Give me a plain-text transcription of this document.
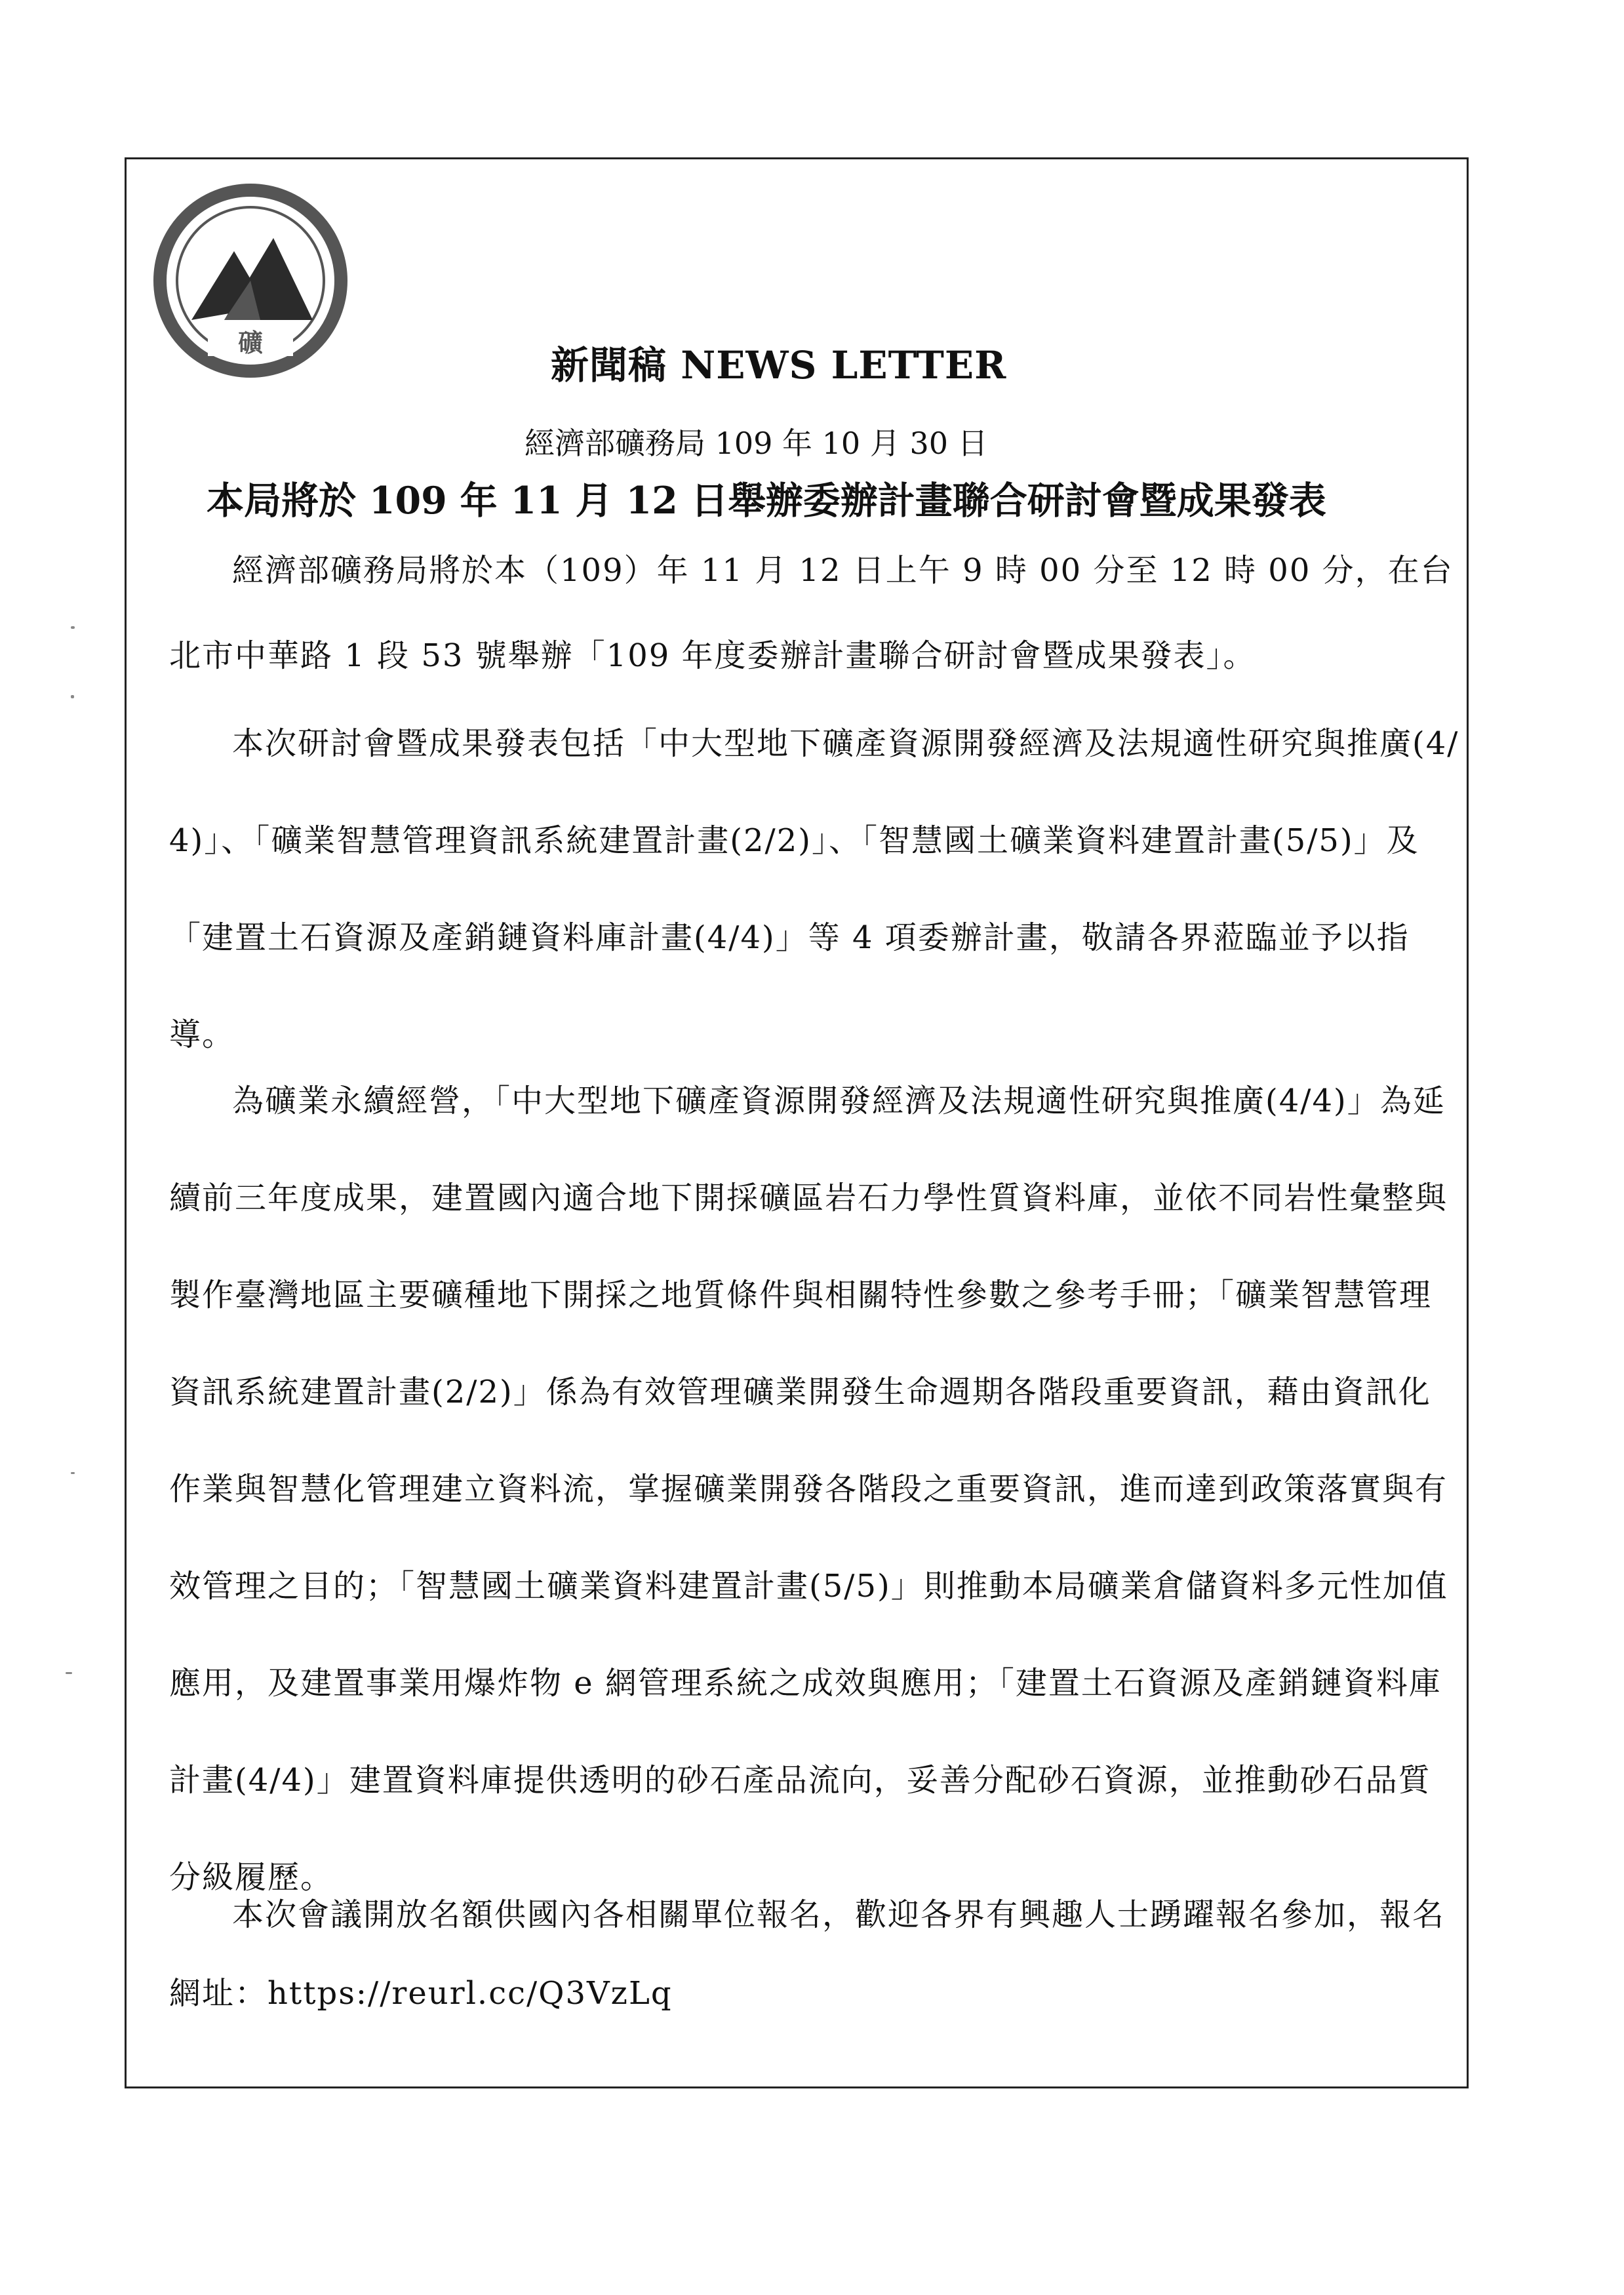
礦	新聞稿 NEWS LETTER
經濟部礦務局 109 年 10 月 30 日
本局將於 109 年 11 月 12 日舉辦委辦計畫聯合研討會暨成果發表

經濟部礦務局將於本（109）年 11 月 12 日上午 9 時 00 分至 12 時 00 分，在台北市中華路 1 段 53 號舉辦「109 年度委辦計畫聯合研討會暨成果發表」。

本次研討會暨成果發表包括「中大型地下礦產資源開發經濟及法規適性研究與推廣(4/4)」、「礦業智慧管理資訊系統建置計畫(2/2)」、「智慧國土礦業資料建置計畫(5/5)」及「建置土石資源及產銷鏈資料庫計畫(4/4)」等 4 項委辦計畫，敬請各界蒞臨並予以指導。

為礦業永續經營，「中大型地下礦產資源開發經濟及法規適性研究與推廣(4/4)」為延續前三年度成果，建置國內適合地下開採礦區岩石力學性質資料庫，並依不同岩性彙整與製作臺灣地區主要礦種地下開採之地質條件與相關特性參數之參考手冊；「礦業智慧管理資訊系統建置計畫(2/2)」係為有效管理礦業開發生命週期各階段重要資訊，藉由資訊化作業與智慧化管理建立資料流，掌握礦業開發各階段之重要資訊，進而達到政策落實與有效管理之目的；「智慧國土礦業資料建置計畫(5/5)」則推動本局礦業倉儲資料多元性加值應用，及建置事業用爆炸物 e 網管理系統之成效與應用；「建置土石資源及產銷鏈資料庫計畫(4/4)」建置資料庫提供透明的砂石產品流向，妥善分配砂石資源，並推動砂石品質分級履歷。

本次會議開放名額供國內各相關單位報名，歡迎各界有興趣人士踴躍報名參加，報名網址：https://reurl.cc/Q3VzLq
